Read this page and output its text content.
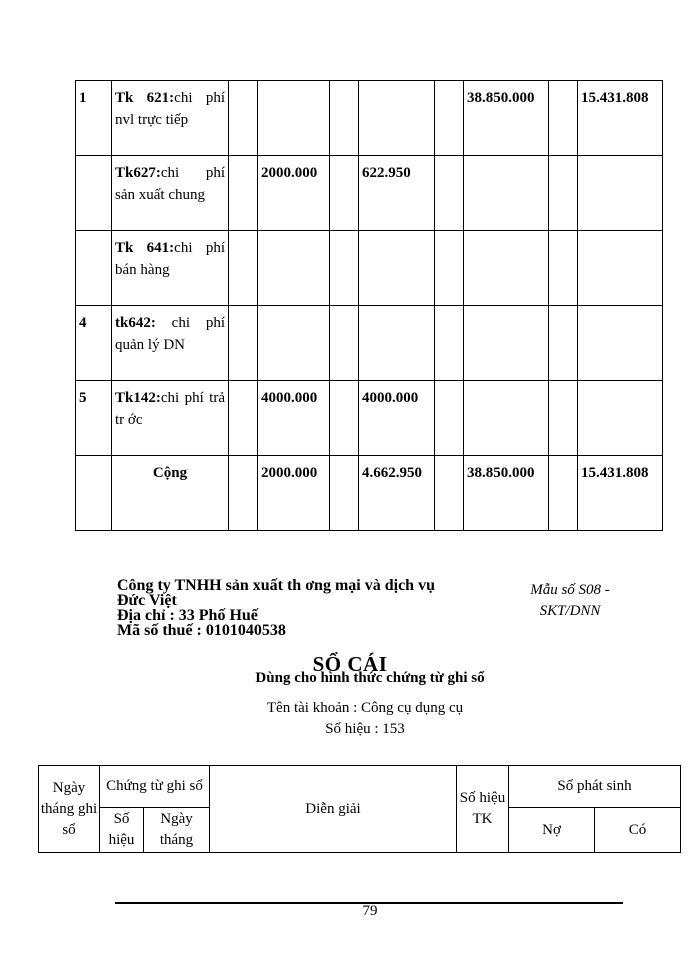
1	Tk 621:chi phí nvl trực tiếp						38.850.000		15.431.808
	Tk627:chi phí sản xuất chung		2000.000		622.950				
	Tk 641:chi phí bán hàng								
4	tk642: chi phí quản lý DN								
5	Tk142:chi phí trả tr ớc		4000.000		4000.000				
	Cộng		2000.000		4.662.950		38.850.000		15.431.808
Công ty TNHH sản xuất th ơng mại và dịch vụ
Đức Việt
Địa chỉ : 33 Phố Huế
Mã số thuế : 0101040538
Mẫu số S08 -
SKT/DNN
SỔ CÁI
Dùng cho hình thức chứng từ ghi sổ
Tên tài khoản : Công cụ dụng cụ
Số hiệu : 153
Ngày tháng ghi sổ	Chứng từ ghi sổ		Diễn giải	Số hiệu TK	Số phát sinh	
	Số hiệu	Ngày tháng			Nợ	Có
79
